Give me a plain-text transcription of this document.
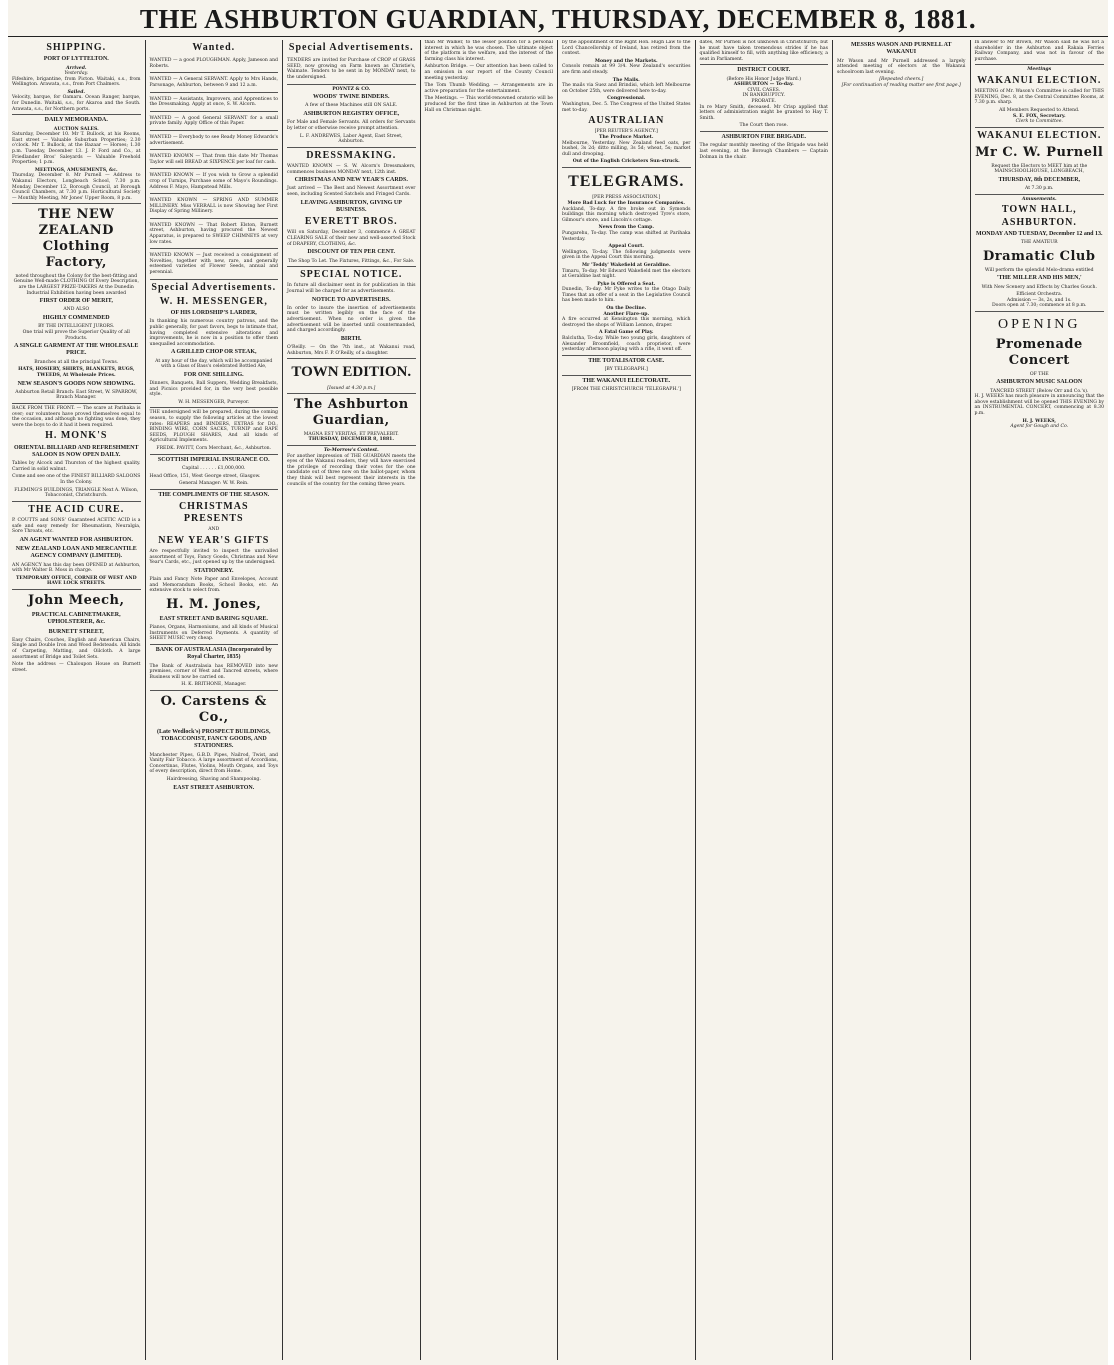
THE ASHBURTON GUARDIAN, THURSDAY, DECEMBER 8, 1881.
SHIPPING.
PORT OF LYTTELTON.
Arrived.
Yesterday.

Fifeshire, brigantine, from Picton. Waitaki, s.s., from Wellington. Arawata, s.s., from Port Chalmers.

Sailed.

Velocity, barque, for Oamaru. Ocean Ranger, barque, for Dunedin. Waitaki, s.s., for Akaroa and the South. Arawata, s.s., for Northern ports.

DAILY MEMORANDA.
AUCTION SALES.

Saturday, December 10. Mr T. Bullock, at his Rooms, East street — Valuable Suburban Properties; 2.30 o'clock. Mr T. Bullock, at the Bazaar — Horses; 1.30 p.m. Tuesday, December 13. J. P. Ford and Co., at Friedlander Bros' Saleyards — Valuable Freehold Properties; 1 p.m.

MEETINGS, AMUSEMENTS, &c.

Thursday, December 8. Mr Purnell — Address to Wakanui Electors, Longbeach School, 7.30 p.m. Monday, December 12. Borough Council, at Borough Council Chambers, at 7.30 p.m. Horticultural Society — Monthly Meeting, Mr Jones' Upper Room, 8 p.m.

THE NEW ZEALAND Clothing Factory,

noted throughout the Colony for the best-fitting and Genuine Well-made CLOTHING Of Every Description, are the LARGEST PRIZE-TAKERS At the Dunedin Industrial Exhibition having been awarded

FIRST ORDER OF MERIT,
AND ALSO
HIGHLY COMMENDED
BY THE INTELLIGENT JURORS.

One trial will prove the Superior Quality of all Products.

A SINGLE GARMENT AT THE WHOLESALE PRICE.

Branches at all the principal Towns.

HATS, HOSIERY, SHIRTS, BLANKETS, RUGS, TWEEDS, At Wholesale Prices.

NEW SEASON'S GOODS NOW SHOWING.

Ashburton Retail Branch: East Street, W. SPARROW, Branch Manager.

BACK FROM THE FRONT. — The scare at Parihaka is over; our volunteers have proved themselves equal to the occasion, and although no fighting was done, they were the boys to do it had it been required.

H. MONK'S
ORIENTAL BILLIARD AND REFRESHMENT SALOON IS NOW OPEN DAILY.

Tables by Alcock and Thurston of the highest quality. Carried in solid walnut.

Come and see one of the FINEST BILLIARD SALOONS In the Colony.

FLEMING'S BUILDINGS, TRIANGLE Next A. Wilson, Tobacconist, Christchurch.

THE ACID CURE.

P. COUTTS and SONS' Guaranteed ACETIC ACID is a safe and easy remedy for Rheumatism, Neuralgia, Sore Throats, etc.

AN AGENT WANTED FOR ASHBURTON.
NEW ZEALAND LOAN AND MERCANTILE AGENCY COMPANY (LIMITED).

AN AGENCY has this day been OPENED at Ashburton, with Mr Walter B. Moss in charge.

TEMPORARY OFFICE, CORNER OF WEST AND HAVE LOCK STREETS.

John Meech,
PRACTICAL CABINETMAKER, UPHOLSTERER, &c.
BURNETT STREET,

Easy Chairs, Couches, English and American Chairs, Single and Double Iron and Wood Bedsteads. All kinds of Carpeting, Matting, and Oilcloth. A large assortment of Bridge and Toilet Sets.

Note the address — Chaloupon House on Burnett street.

Wanted.

WANTED — a good PLOUGHMAN. Apply, Jameson and Roberts.

WANTED — A General SERVANT. Apply to Mrs Hands, Parsonage, Ashburton, between 9 and 12 a.m.

WANTED — Assistants, Improvers, and Apprentices to the Dressmaking. Apply at once, S. W. Alcorn.

WANTED — A good General SERVANT for a small private family. Apply Office of this Paper.

WANTED — Everybody to see Ready Money Edwards's advertisement.

WANTED KNOWN — That from this date Mr Thomas Taylor will sell BREAD at SIXPENCE per loaf for cash.

WANTED KNOWN — If you wish to Grow a splendid crop of Turnips, Purchase some of Mayo's Roundings. Address F. Mayo, Hampstead Mills.

WANTED KNOWN — SPRING AND SUMMER MILLINERY. Miss VERRALL is now Showing her First Display of Spring Millinery.

WANTED KNOWN — That Robert Elston, Burnett street, Ashburton, having procured the Newest Apparatus, is prepared to SWEEP CHIMNEYS at very low rates.

WANTED KNOWN — Just received a consignment of Novelties, together with new, rare, and generally esteemed varieties of Flower Seeds, annual and perennial.

Special Advertisements.
W. H. MESSENGER,
OF HIS LORDSHIP'S LARDER,

In thanking his numerous country patrons, and the public generally, for past favors, begs to intimate that, having completed extensive alterations and improvements, he is now in a position to offer them unequalled accommodation.

A GRILLED CHOP OR STEAK,

At any hour of the day, which will be accompanied with a Glass of Bass's celebrated Bottled Ale,

FOR ONE SHILLING.

Dinners, Banquets, Ball Suppers, Wedding Breakfasts, and Picnics provided for, in the very best possible style.

W. H. MESSENGER, Purveyor.

THE undersigned will be prepared, during the coming season, to supply the following articles at the lowest rates: REAPERS and BINDERS, EXTRAS for DO., BINDING WIRE, CORN SACKS, TURNIP and RAPE SEEDS, PLOUGH SHARES, And all kinds of Agricultural Implements.

FREDK. PAVITT, Corn Merchant, &c., Ashburton.

SCOTTISH IMPERIAL INSURANCE CO.

Capital . . . . . . £1,000,000.

Head Office, 151, West George street, Glasgow.

General Manager: W. W. Rein.

THE COMPLIMENTS OF THE SEASON.
CHRISTMAS PRESENTS
AND
NEW YEAR'S GIFTS

Are respectfully invited to inspect the unrivalled assortment of Toys, Fancy Goods, Christmas and New Year's Cards, etc., just opened up by the undersigned.

STATIONERY.

Plain and Fancy Note Paper and Envelopes, Account and Memorandum Books, School Books, etc. An extensive stock to select from.

H. M. Jones,
EAST STREET AND BARING SQUARE.

Pianos, Organs, Harmoniums, and all kinds of Musical Instruments on Deferred Payments. A quantity of SHEET MUSIC very cheap.

BANK OF AUSTRALASIA (Incorporated by Royal Charter, 1835)

The Bank of Australasia has REMOVED into new premises, corner of West and Tancred streets, where Business will now be carried on.

H. K. BRITHONE, Manager.

O. Carstens & Co.,
(Late Wedlock's) PROSPECT BUILDINGS, TOBACCONIST, FANCY GOODS, AND STATIONERS.

Manchester Pipes, G.B.D. Pipes, Nailrod, Twist, and Vanity Fair Tobacco. A large assortment of Accordions, Concertinas, Flutes, Violins, Mouth Organs, and Toys of every description, direct from Home.

Hairdressing, Shaving and Shampooing.

EAST STREET ASHBURTON.
Special Advertisements.

TENDERS are invited for Purchase of CROP of GRASS SEED, now growing on Farm known as Christie's, Waimate. Tenders to be sent in by MONDAY next, to the undersigned.

POYNTZ & CO.

WOODS' TWINE BINDERS.

A few of these Machines still ON SALE.

ASHBURTON REGISTRY OFFICE,

For Male and Female Servants. All orders for Servants by letter or otherwise receive prompt attention.

L. F. ANDREWES, Labor Agent, East Street, Ashburton.

DRESSMAKING.

WANTED KNOWN — S. W. Alcorn's Dressmakers, commences business MONDAY next, 12th inst.

CHRISTMAS AND NEW YEAR'S CARDS.

Just arrived — The Best and Newest Assortment ever seen, including Scented Satchels and Fringed Cards.

LEAVING ASHBURTON, GIVING UP BUSINESS.
EVERETT BROS.

Will on Saturday, December 3, commence A GREAT CLEARING SALE of their new and well-assorted Stock of DRAPERY, CLOTHING, &c.

DISCOUNT OF TEN PER CENT.

The Shop To Let. The Fixtures, Fittings, &c., For Sale.

SPECIAL NOTICE.

In future all disclaimer sent in for publication in this Journal will be charged for as advertisements.

NOTICE TO ADVERTISERS.

In order to insure the insertion of advertisements must be written legibly on the face of the advertisement. When no order is given the advertisement will be inserted until countermanded, and charged accordingly.

BIRTH.

O'Reilly. — On the 7th inst., at Wakanui road, Ashburton, Mrs F. P. O'Reilly, of a daughter.

TOWN EDITION.
[Issued at 4.30 p.m.]
The Ashburton Guardian,
MAGNA EST VERITAS, ET PREVALEBIT.
THURSDAY, DECEMBER 8, 1881.
To-Morrow's Contest.

For another impression of THE GUARDIAN meets the eyes of the Wakanui readers, they will have exercised the privilege of recording their votes for the one candidate out of three now on the ballot-paper, whom they think will best represent their interests in the councils of the country for the coming three years.

than Mr Walker, to the lesser position for a personal interest in which he was chosen. The ultimate object of the platform is the welfare, and the interest of the farming class his interest.

Ashburton Bridge. — Our attention has been called to an omission in our report of the County Council meeting yesterday.

The Tom Thumb Wedding. — Arrangements are in active preparation for the entertainment.

The Meetings. — This world-renowned oratorio will be produced for the first time in Ashburton at the Town Hall on Christmas night.

by the appointment of the Right Hon. Hugh Law to the Lord Chancellorship of Ireland, has retired from the contest.

Money and the Markets.

Consols remain at 99 3/4. New Zealand's securities are firm and steady.

The Mails.

The mails via Suez and Brindisi, which left Melbourne on October 25th, were delivered here to-day.

Congressional.

Washington, Dec. 5. The Congress of the United States met to-day.

AUSTRALIAN
[PER REUTER'S AGENCY.]
The Produce Market.

Melbourne, Yesterday. New Zealand feed oats, per bushel, 3s 2d; ditto milling, 3s 5d; wheat, 5s; market dull and drooping.

Out of the English Cricketers Sun-struck.
TELEGRAMS.
[PER PRESS ASSOCIATION.]
More Bad Luck for the Insurance Companies.

Auckland, To-day. A fire broke out in Symonds buildings this morning which destroyed Tyre's store, Gilmour's store, and Lincoln's cottage.

News from the Camp.

Pungarehu, To-day. The camp was shifted at Parihaka Yesterday.

Appeal Court.

Wellington, To-day. The following judgments were given in the Appeal Court this morning.

Mr 'Teddy' Wakefield at Geraldine.

Timaru, To-day. Mr Edward Wakefield met the electors at Geraldine last night.

Pyke is Offered a Seat.

Dunedin, To-day. Mr Pyke writes to the Otago Daily Times that an offer of a seat in the Legislative Council has been made to him.

On the Decline.
Another Flare-up.

A fire occurred at Kensington this morning, which destroyed the shops of William Lennon, draper.

A Fatal Game of Play.

Balclutha, To-day. While two young girls, daughters of Alexander Broomfield, coach proprietor, were yesterday afternoon playing with a rifle, it went off.

THE TOTALISATOR CASE.
[BY TELEGRAPH.]
THE WAKANUI ELECTORATE.
[FROM THE CHRISTCHURCH 'TELEGRAPH.']

dates, Mr Purnell is not unknown in Christchurch; but he must have taken tremendous strides if he has qualified himself to fill, with anything like efficiency, a seat in Parliament.

DISTRICT COURT.
(Before His Honor Judge Ward.)
ASHBURTON — To-day.
CIVIL CASES.
IN BANKRUPTCY.
PROBATE.

In re Mary Smith, deceased. Mr Crisp applied that letters of administration might be granted to Hay T. Smith.

The Court then rose.
ASHBURTON FIRE BRIGADE.

The regular monthly meeting of the Brigade was held last evening, at the Borough Chambers — Captain Dolman in the chair.

MESSRS WASON AND PURNELL AT WAKANUI

Mr Wason and Mr Purnell addressed a largely attended meeting of electors at the Wakanui schoolroom last evening.

[Repeated cheers.]
[For continuation of reading matter see first page.]

In answer to Mr Brown, Mr Wason said he was not a shareholder in the Ashburton and Rakaia Ferries Railway Company, and was not in favour of the purchase.

Meetings
WAKANUI ELECTION.

MEETING of Mr. Wason's Committee is called for THIS EVENING, Dec. 8, at the Central Committee Rooms, at 7.30 p.m. sharp.

All Members Requested to Attend.
S. E. FOX, Secretary.
Clerk to Committee.
WAKANUI ELECTION.
Mr C. W. Purnell

Request the Electors to MEET him at the MAINSCHOOLHOUSE, LONGBEACH,

THURSDAY, 8th DECEMBER,
At 7.30 p.m.
Amusements.
TOWN HALL, ASHBURTON.
MONDAY AND TUESDAY, December 12 and 13.
THE AMATEUR
Dramatic Club

Will perform the splendid Melo-drama entitled

'THE MILLER AND HIS MEN,'

With New Scenery and Effects by Charles Gouch.

Efficient Orchestra.
Admission — 3s, 2s, and 1s.
Doors open at 7.30; commence at 8 p.m.
OPENING
Promenade Concert
OF THE
ASHBURTON MUSIC SALOON
TANCRED STREET (Below Orr and Co.'s).

H. J. WEEKS has much pleasure in announcing that the above establishment will be opened THIS EVENING by an INSTRUMENTAL CONCERT, commencing at 8.30 p.m.

H. J. WEEKS,
Agent for Gough and Co.
